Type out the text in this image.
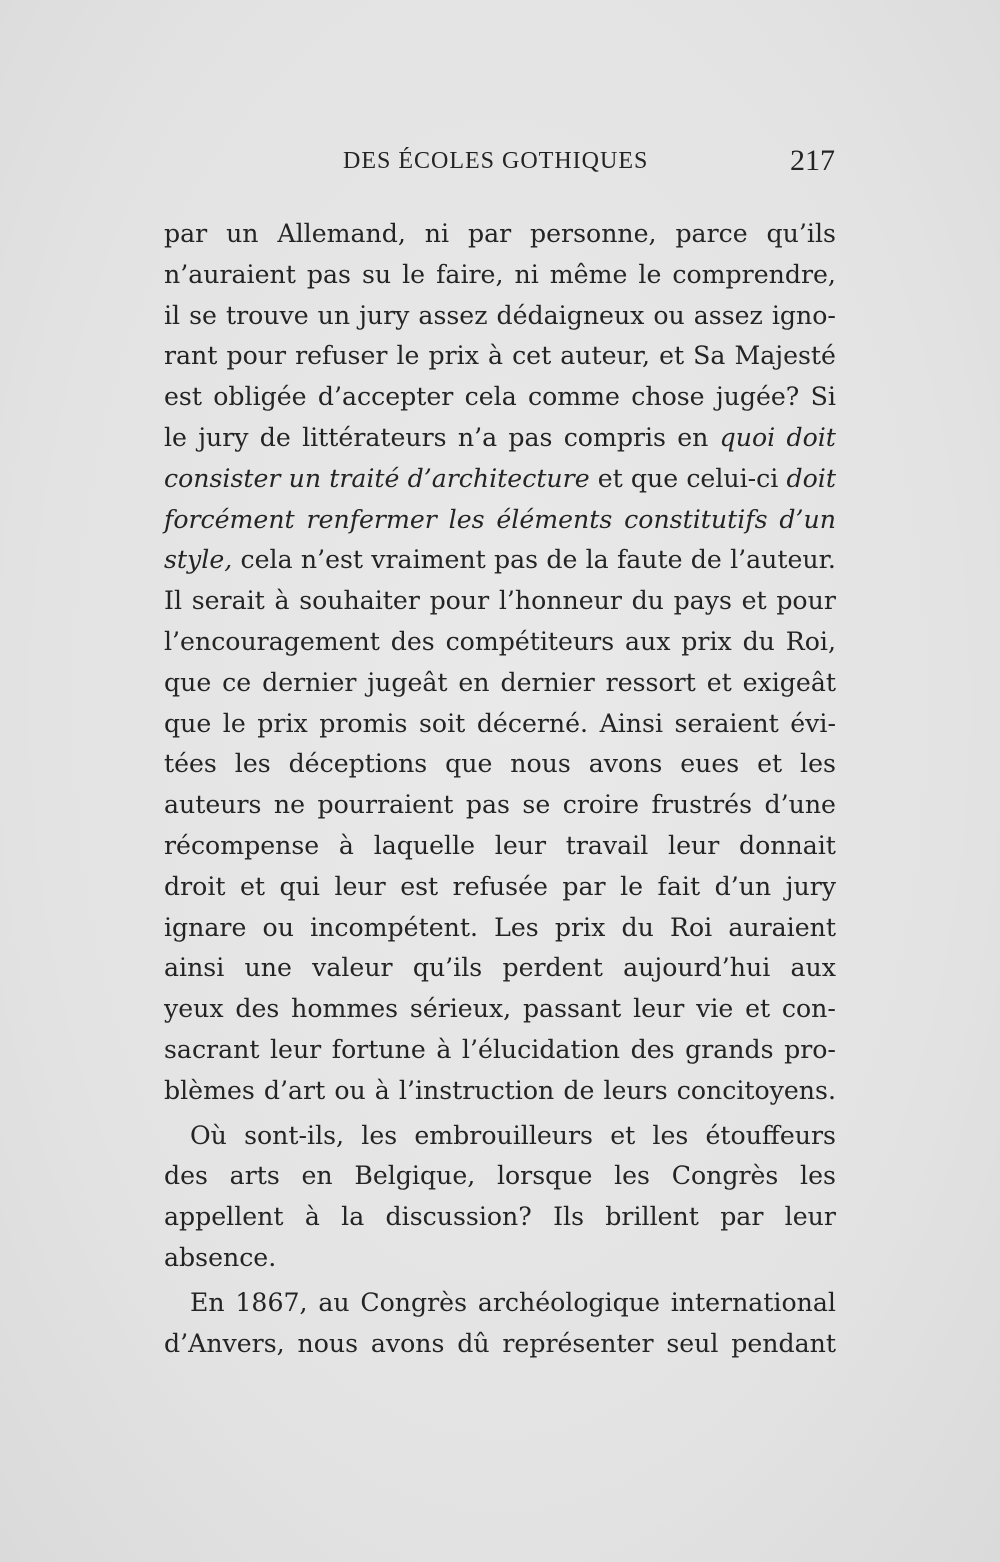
DES ÉCOLES GOTHIQUES	217
par un Allemand, ni par personne, parce qu’ils
n’auraient pas su le faire, ni même le comprendre,
il se trouve un jury assez dédaigneux ou assez igno-
rant pour refuser le prix à cet auteur, et Sa Majesté
est obligée d’accepter cela comme chose jugée? Si
le jury de littérateurs n’a pas compris en quoi doit
consister un traité d’architecture et que celui-ci doit
forcément renfermer les éléments constitutifs d’un
style, cela n’est vraiment pas de la faute de l’auteur.
Il serait à souhaiter pour l’honneur du pays et pour
l’encouragement des compétiteurs aux prix du Roi,
que ce dernier jugeât en dernier ressort et exigeât
que le prix promis soit décerné. Ainsi seraient évi-
tées les déceptions que nous avons eues et les
auteurs ne pourraient pas se croire frustrés d’une
récompense à laquelle leur travail leur donnait
droit et qui leur est refusée par le fait d’un jury
ignare ou incompétent. Les prix du Roi auraient
ainsi une valeur qu’ils perdent aujourd’hui aux
yeux des hommes sérieux, passant leur vie et con-
sacrant leur fortune à l’élucidation des grands pro-
blèmes d’art ou à l’instruction de leurs concitoyens.
Où sont-ils, les embrouilleurs et les étouffeurs
des arts en Belgique, lorsque les Congrès les
appellent à la discussion? Ils brillent par leur
absence.
En 1867, au Congrès archéologique international
d’Anvers, nous avons dû représenter seul pendant
